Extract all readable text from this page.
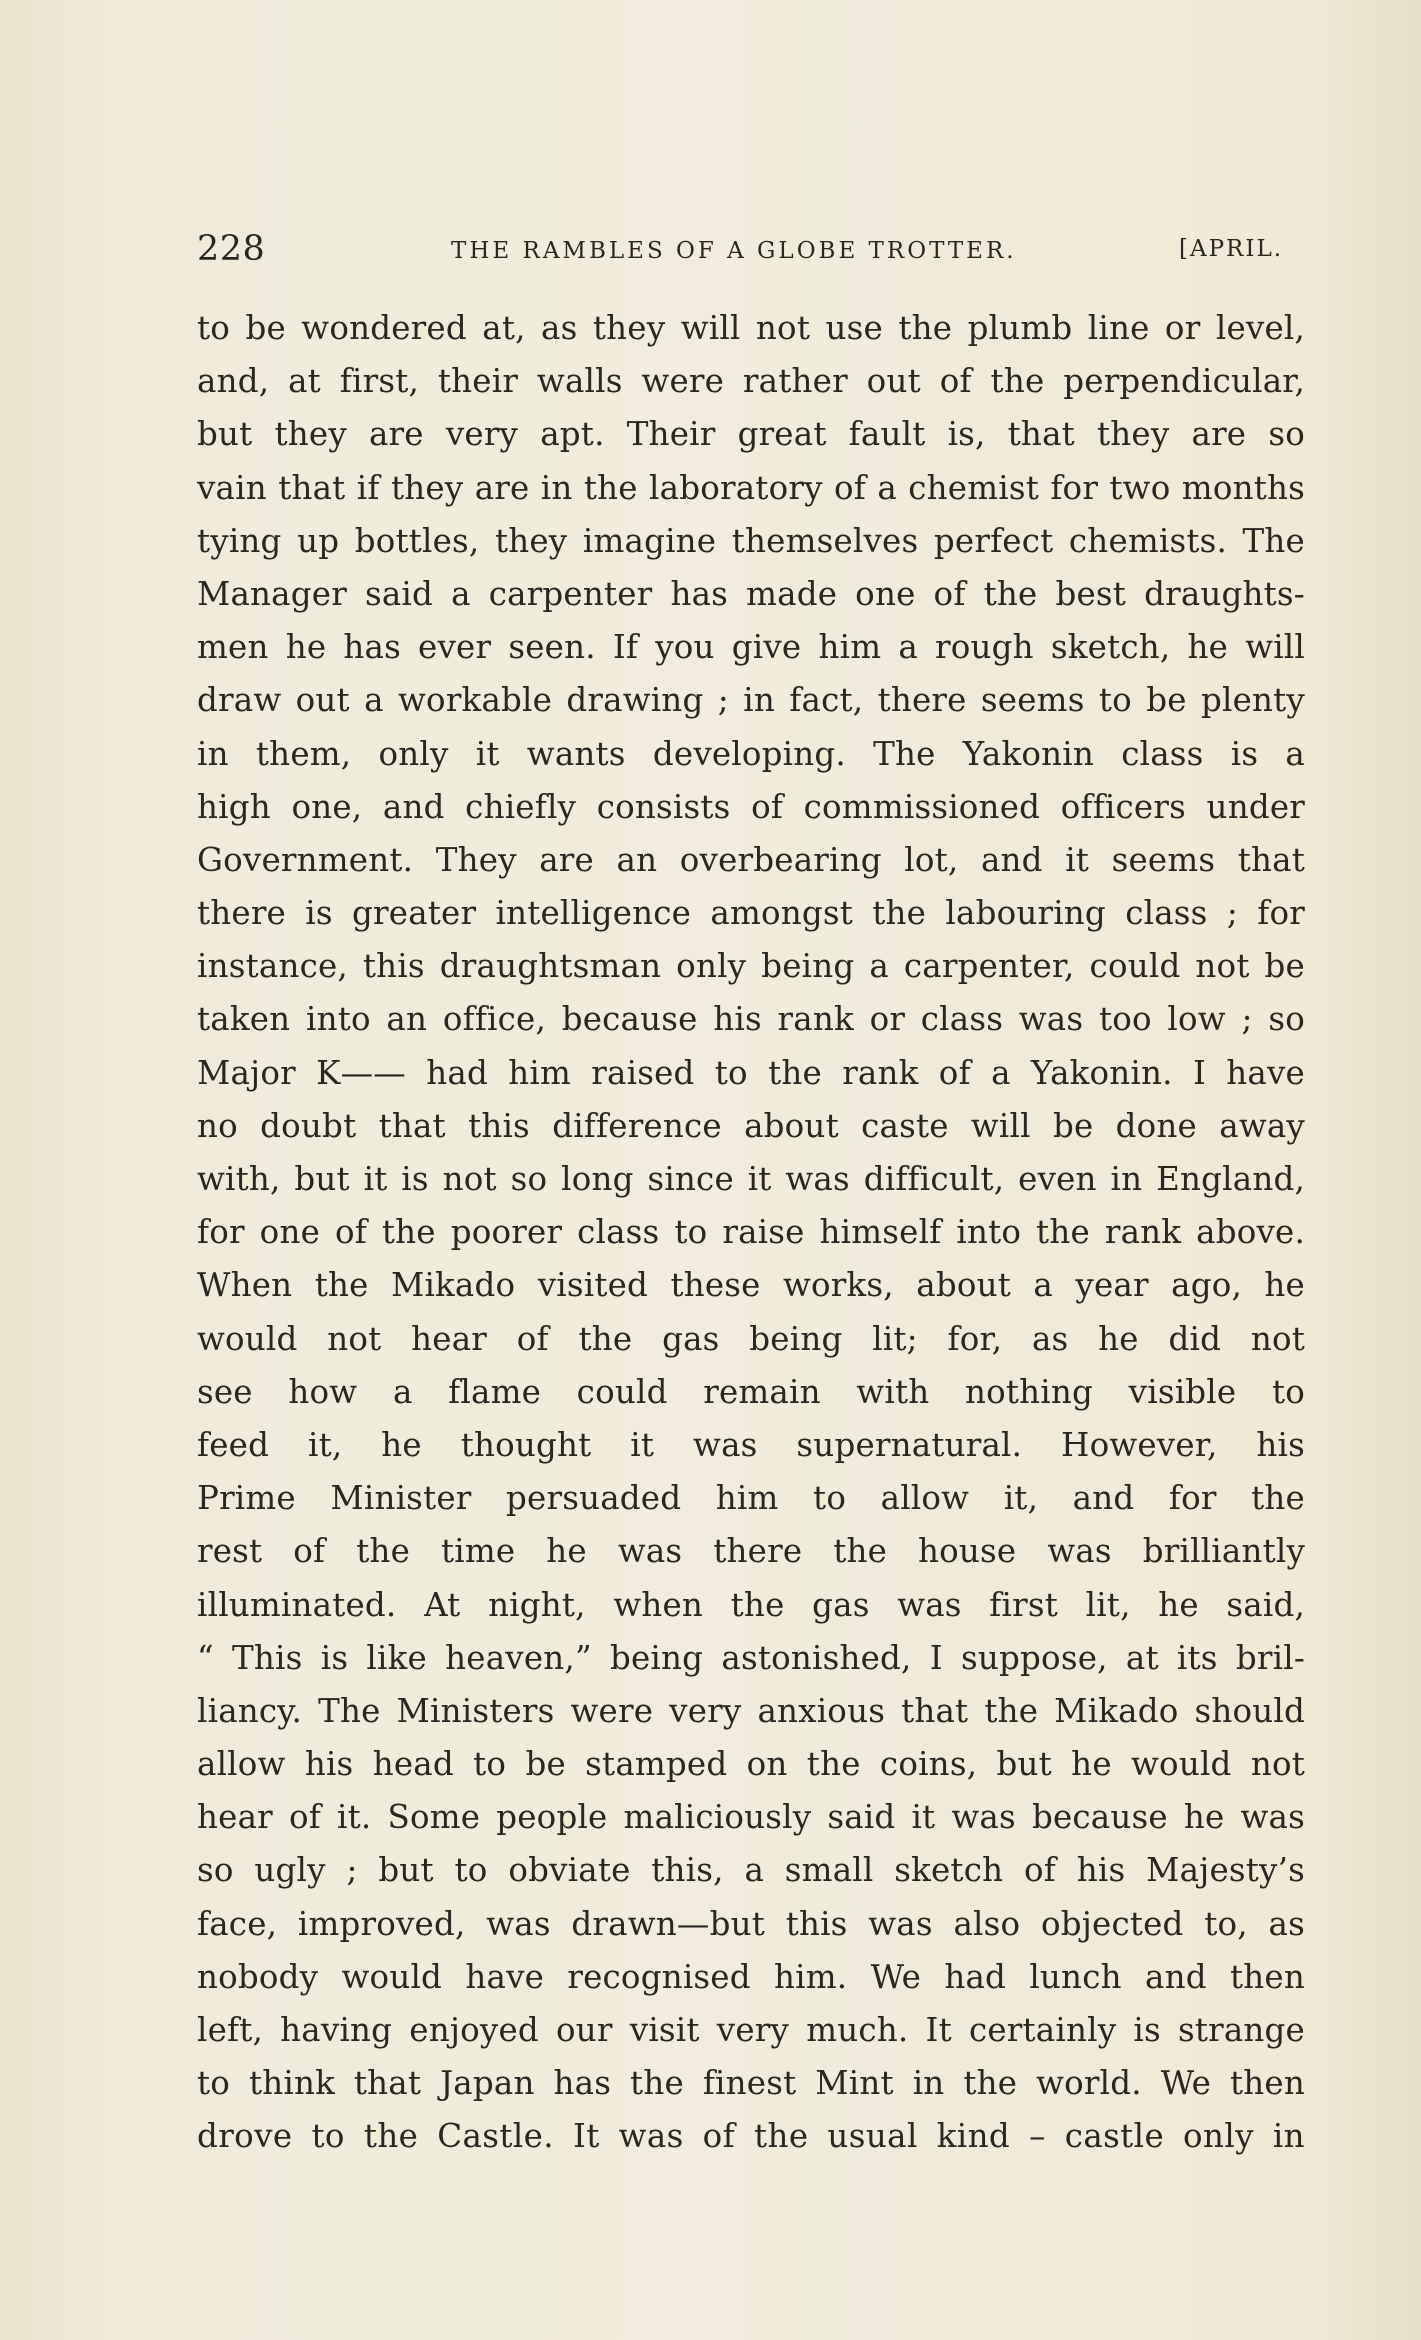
228	THE RAMBLES OF A GLOBE TROTTER.	[APRIL.
to be wondered at, as they will not use the plumb line or level,
and, at first, their walls were rather out of the perpendicular,
but they are very apt. Their great fault is, that they are so
vain that if they are in the laboratory of a chemist for two months
tying up bottles, they imagine themselves perfect chemists. The
Manager said a carpenter has made one of the best draughts-
men he has ever seen. If you give him a rough sketch, he will
draw out a workable drawing ; in fact, there seems to be plenty
in them, only it wants developing. The Yakonin class is a
high one, and chiefly consists of commissioned officers under
Government. They are an overbearing lot, and it seems that
there is greater intelligence amongst the labouring class ; for
instance, this draughtsman only being a carpenter, could not be
taken into an office, because his rank or class was too low ; so
Major K—— had him raised to the rank of a Yakonin. I have
no doubt that this difference about caste will be done away
with, but it is not so long since it was difficult, even in England,
for one of the poorer class to raise himself into the rank above.
When the Mikado visited these works, about a year ago, he
would not hear of the gas being lit; for, as he did not
see how a flame could remain with nothing visible to
feed it, he thought it was supernatural. However, his
Prime Minister persuaded him to allow it, and for the
rest of the time he was there the house was brilliantly
illuminated. At night, when the gas was first lit, he said,
“ This is like heaven,” being astonished, I suppose, at its bril-
liancy. The Ministers were very anxious that the Mikado should
allow his head to be stamped on the coins, but he would not
hear of it. Some people maliciously said it was because he was
so ugly ; but to obviate this, a small sketch of his Majesty’s
face, improved, was drawn—but this was also objected to, as
nobody would have recognised him. We had lunch and then
left, having enjoyed our visit very much. It certainly is strange
to think that Japan has the finest Mint in the world. We then
drove to the Castle. It was of the usual kind – castle only in
